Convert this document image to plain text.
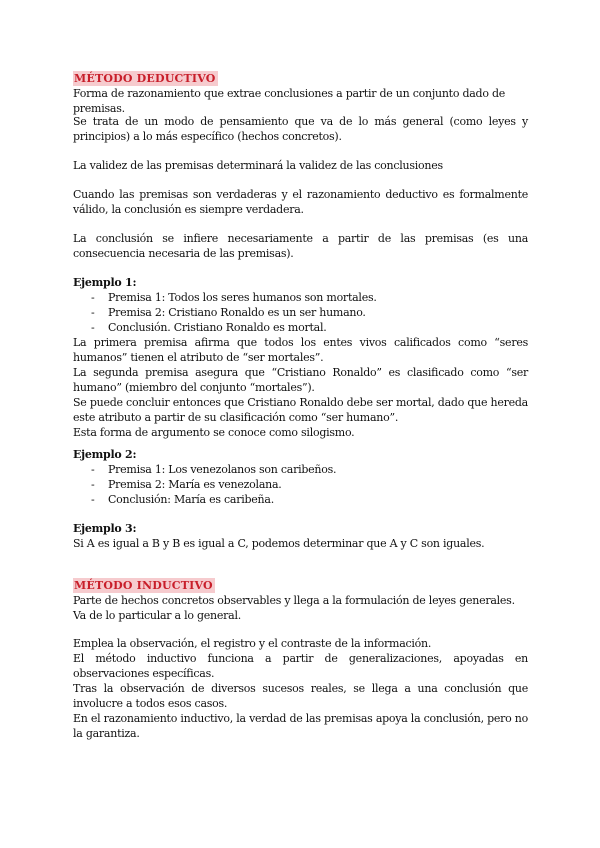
MÉTODO DEDUCTIVO
Forma de razonamiento que extrae conclusiones a partir de un conjunto dado de premisas.

Se trata de un modo de pensamiento que va de lo más general (como leyes y principios) a lo más específico (hechos concretos).

La validez de las premisas determinará la validez de las conclusiones

Cuando las premisas son verdaderas y el razonamiento deductivo es formalmente válido, la conclusión es siempre verdadera.

La conclusión se infiere necesariamente a partir de las premisas (es una consecuencia necesaria de las premisas).

Ejemplo 1:
- Premisa 1: Todos los seres humanos son mortales.
- Premisa 2: Cristiano Ronaldo es un ser humano.
- Conclusión. Cristiano Ronaldo es mortal.

La primera premisa afirma que todos los entes vivos calificados como “seres humanos” tienen el atributo de “ser mortales”.

La segunda premisa asegura que “Cristiano Ronaldo” es clasificado como “ser humano” (miembro del conjunto “mortales”).

Se puede concluir entonces que Cristiano Ronaldo debe ser mortal, dado que hereda este atributo a partir de su clasificación como “ser humano”.

Esta forma de argumento se conoce como silogismo.

Ejemplo 2:
- Premisa 1: Los venezolanos son caribeños.
- Premisa 2: María es venezolana.
- Conclusión: María es caribeña.
Ejemplo 3:

Si A es igual a B y B es igual a C, podemos determinar que A y C son iguales.

MÉTODO INDUCTIVO
Parte de hechos concretos observables y llega a la formulación de leyes generales.
Va de lo particular a lo general.

Emplea la observación, el registro y el contraste de la información.

El método inductivo funciona a partir de generalizaciones, apoyadas en observaciones específicas.

Tras la observación de diversos sucesos reales, se llega a una conclusión que involucre a todos esos casos.

En el razonamiento inductivo, la verdad de las premisas apoya la conclusión, pero no la garantiza.
